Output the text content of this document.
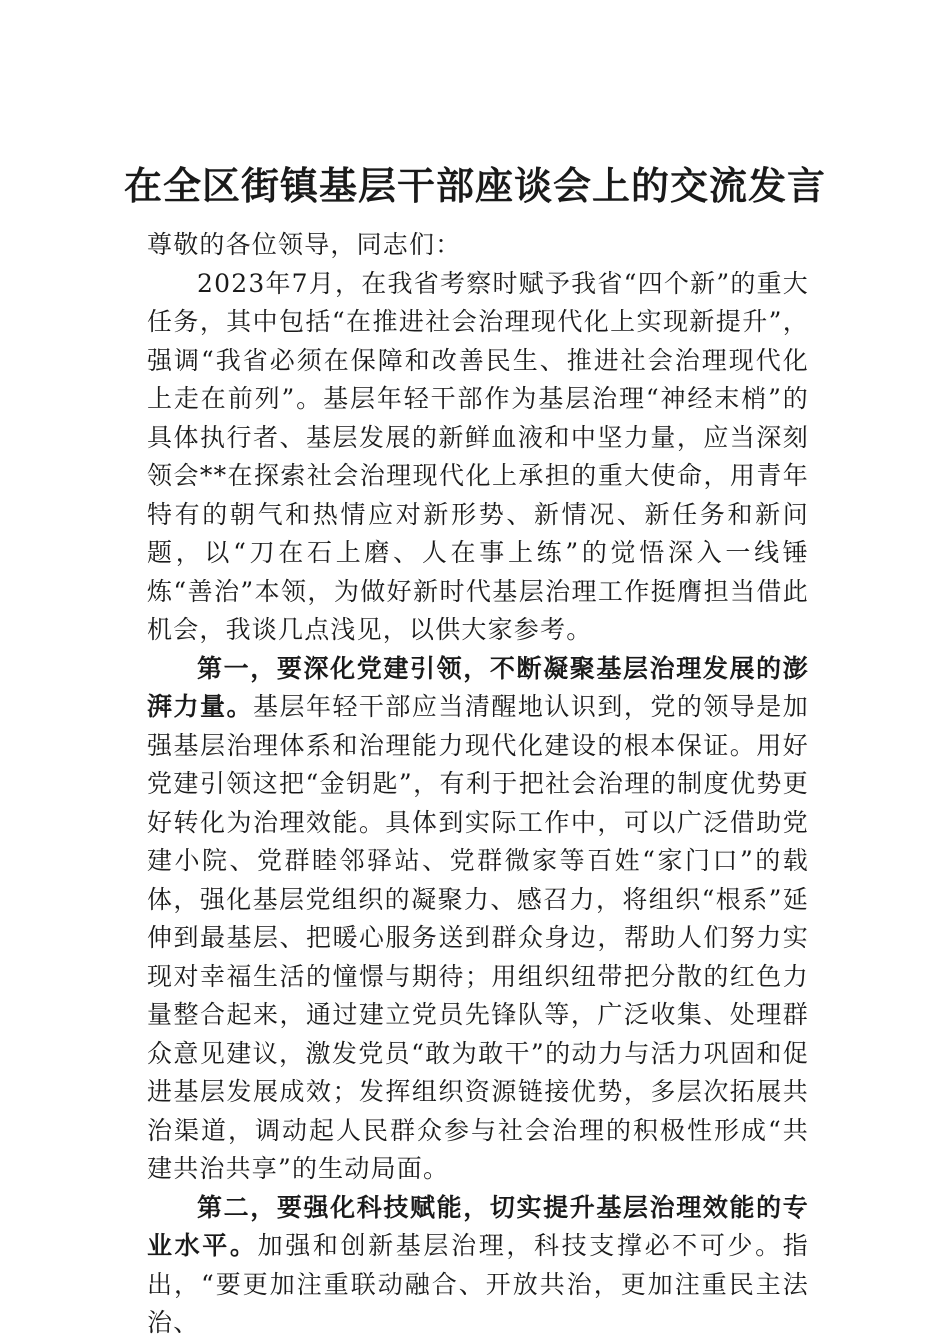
在全区街镇基层干部座谈会上的交流发言

尊敬的各位领导，同志们：

2023年7月，在我省考察时赋予我省“四个新”的重大任务，其中包括“在推进社会治理现代化上实现新提升”，强调“我省必须在保障和改善民生、推进社会治理现代化上走在前列”。基层年轻干部作为基层治理“神经末梢”的具体执行者、基层发展的新鲜血液和中坚力量，应当深刻领会**在探索社会治理现代化上承担的重大使命，用青年特有的朝气和热情应对新形势、新情况、新任务和新问题，以“刀在石上磨、人在事上练”的觉悟深入一线锤炼“善治”本领，为做好新时代基层治理工作挺膺担当借此机会，我谈几点浅见，以供大家参考。

第一，要深化党建引领，不断凝聚基层治理发展的澎湃力量。基层年轻干部应当清醒地认识到，党的领导是加强基层治理体系和治理能力现代化建设的根本保证。用好党建引领这把“金钥匙”，有利于把社会治理的制度优势更好转化为治理效能。具体到实际工作中，可以广泛借助党建小院、党群睦邻驿站、党群微家等百姓“家门口”的载体，强化基层党组织的凝聚力、感召力，将组织“根系”延伸到最基层、把暖心服务送到群众身边，帮助人们努力实现对幸福生活的憧憬与期待；用组织纽带把分散的红色力量整合起来，通过建立党员先锋队等，广泛收集、处理群众意见建议，激发党员“敢为敢干”的动力与活力巩固和促进基层发展成效；发挥组织资源链接优势，多层次拓展共治渠道，调动起人民群众参与社会治理的积极性形成“共建共治共享”的生动局面。

第二，要强化科技赋能，切实提升基层治理效能的专业水平。加强和创新基层治理，科技支撑必不可少。指出，“要更加注重联动融合、开放共治，更加注重民主法治、
